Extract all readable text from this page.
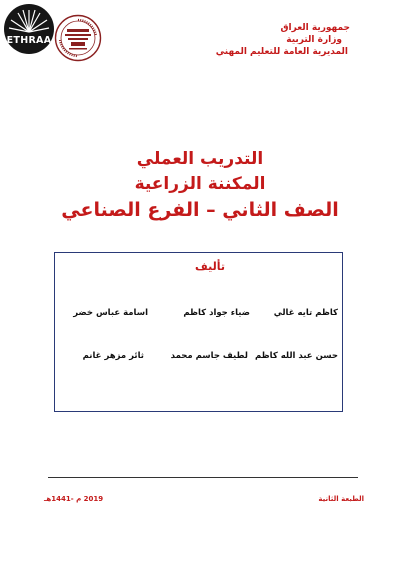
ETHRAA
جمهورية العراق
وزارة التربية
المديرية العامة للتعليم المهني
التدريب العملي
المكننة الزراعية
الصف الثاني – الفرع الصناعي
تأليف
كاظم تايه غالي
ضياء جواد كاظم
اسامة عباس خضر
حسن عبد الله كاظم
لطيف جاسم محمد
ثائر مزهر غانم
الطبعة الثانية
2019 م -1441هـ
